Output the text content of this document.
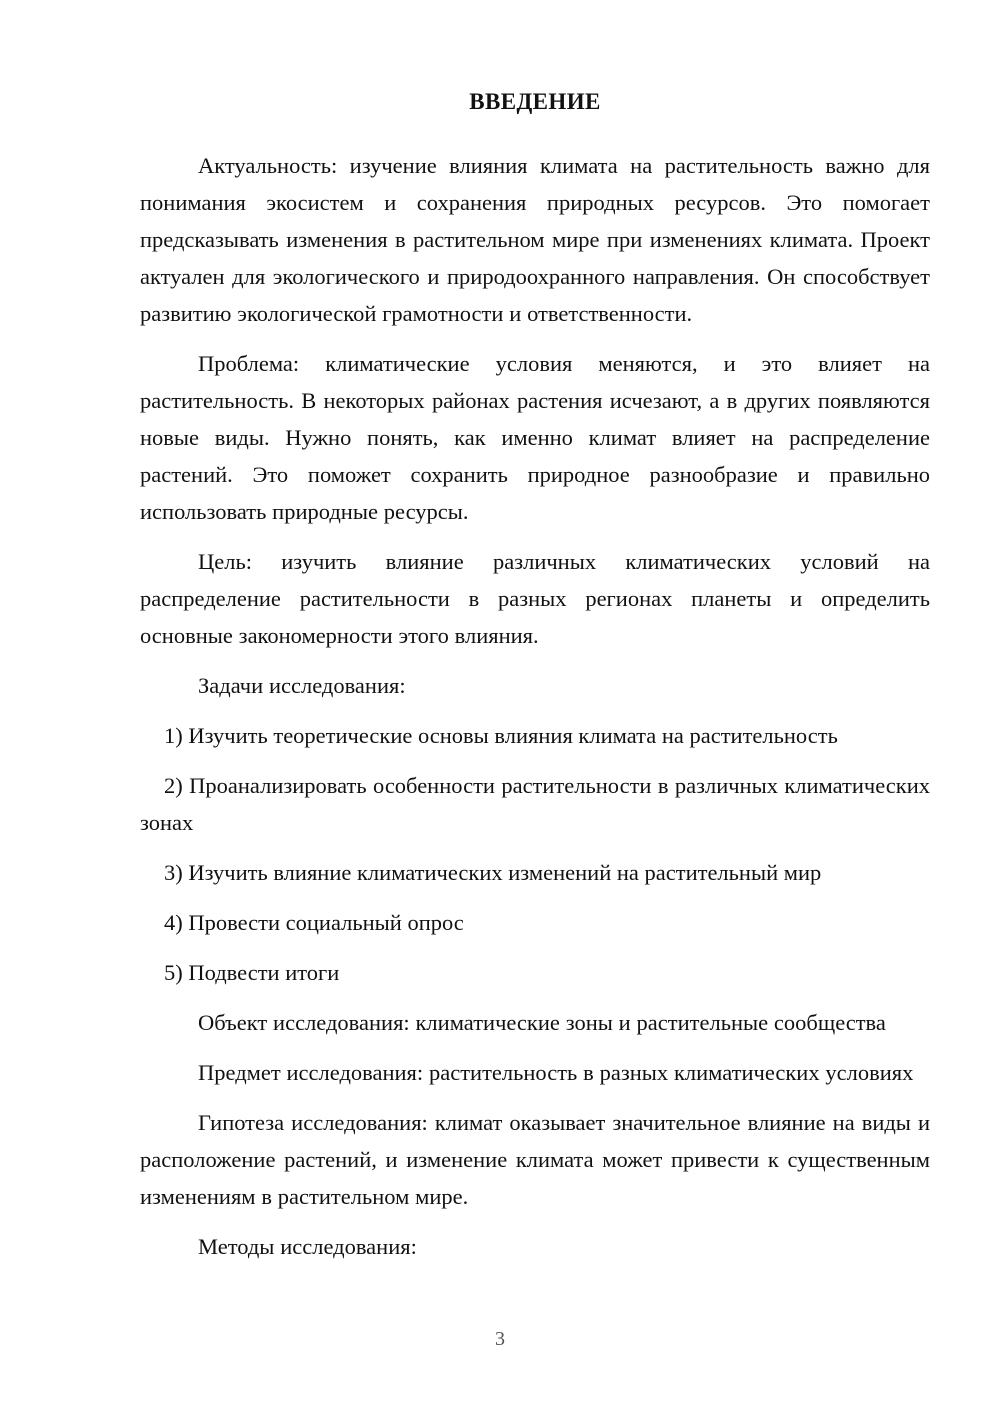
ВВЕДЕНИЕ

Актуальность: изучение влияния климата на растительность важно для понимания экосистем и сохранения природных ресурсов. Это помогает предсказывать изменения в растительном мире при изменениях климата. Проект актуален для экологического и природоохранного направления. Он способствует развитию экологической грамотности и ответственности.

Проблема: климатические условия меняются, и это влияет на растительность. В некоторых районах растения исчезают, а в других появляются новые виды. Нужно понять, как именно климат влияет на распределение растений. Это поможет сохранить природное разнообразие и правильно использовать природные ресурсы.

Цель: изучить влияние различных климатических условий на распределение растительности в разных регионах планеты и определить основные закономерности этого влияния.

Задачи исследования:

1) Изучить теоретические основы влияния климата на растительность

2) Проанализировать особенности растительности в различных климатических зонах

3) Изучить влияние климатических изменений на растительный мир

4) Провести социальный опрос

5) Подвести итоги

Объект исследования: климатические зоны и растительные сообщества

Предмет исследования: растительность в разных климатических условиях

Гипотеза исследования: климат оказывает значительное влияние на виды и расположение растений, и изменение климата может привести к существенным изменениям в растительном мире.

Методы исследования:

3
